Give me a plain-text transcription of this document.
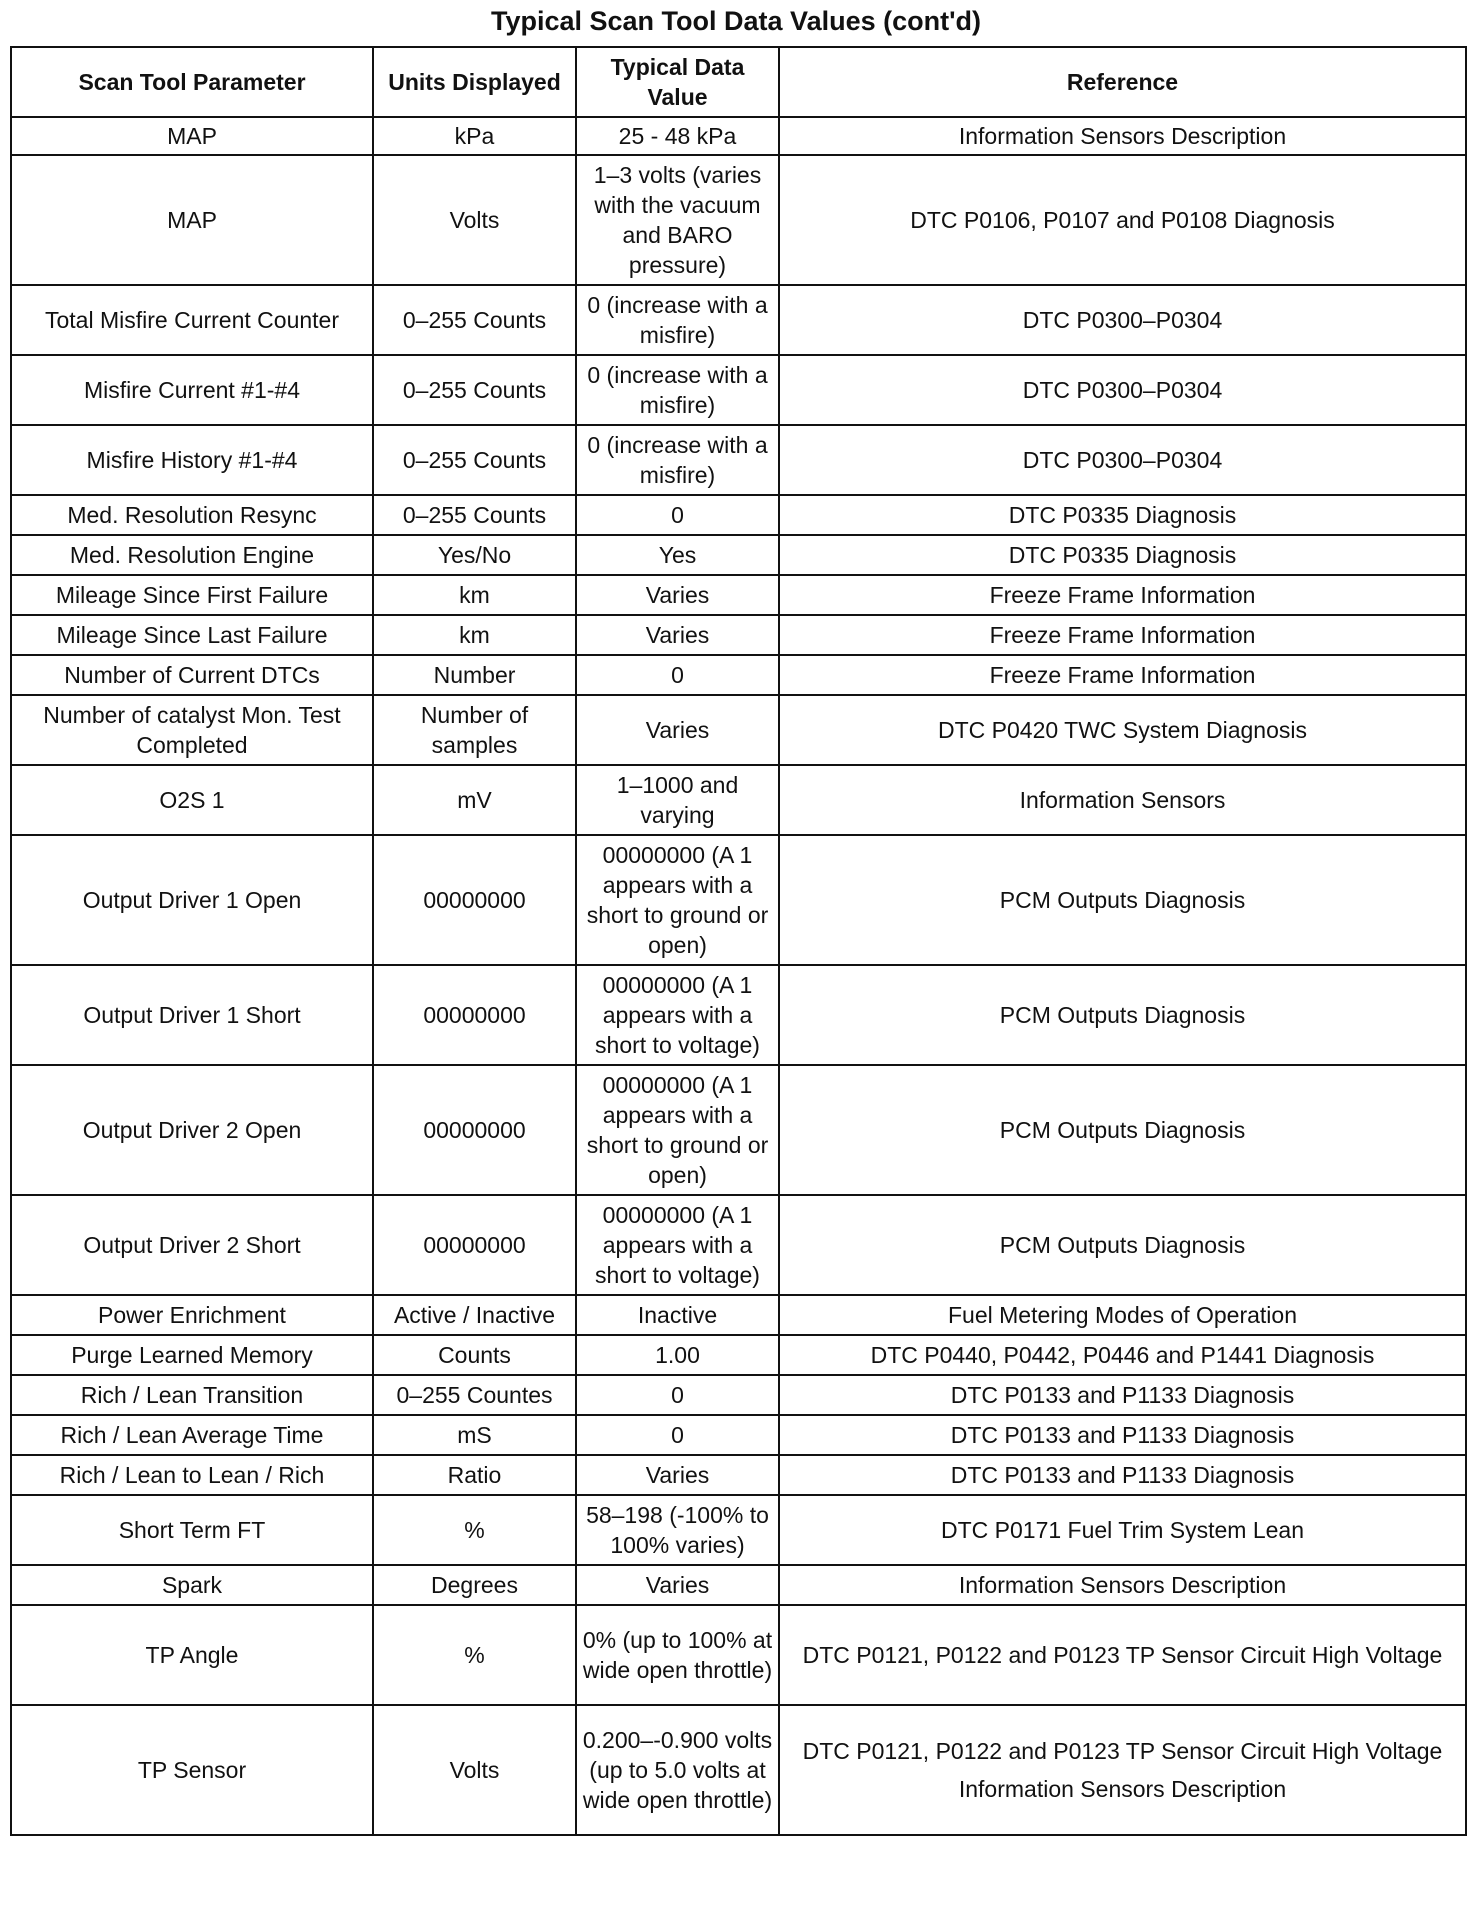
Typical Scan Tool Data Values (cont'd)
Scan Tool Parameter	Units Displayed	Typical Data Value	Reference
MAP	kPa	25 - 48 kPa	Information Sensors Description

MAP	Volts	1–3 volts (varies with the vacuum and BARO pressure)	DTC P0106, P0107 and P0108 Diagnosis

Total Misfire Current Counter	0–255 Counts	0 (increase with a misfire)	DTC P0300–P0304

Misfire Current #1-#4	0–255 Counts	0 (increase with a misfire)	DTC P0300–P0304

Misfire History #1-#4	0–255 Counts	0 (increase with a misfire)	DTC P0300–P0304

Med. Resolution Resync	0–255 Counts	0	DTC P0335 Diagnosis

Med. Resolution Engine	Yes/No	Yes	DTC P0335 Diagnosis

Mileage Since First Failure	km	Varies	Freeze Frame Information

Mileage Since Last Failure	km	Varies	Freeze Frame Information

Number of Current DTCs	Number	0	Freeze Frame Information

Number of catalyst Mon. Test Completed	Number of samples	Varies	DTC P0420 TWC System Diagnosis

O2S 1	mV	1–1000 and varying	Information Sensors

Output Driver 1 Open	00000000	00000000 (A 1 appears with a short to ground or open)	PCM Outputs Diagnosis

Output Driver 1 Short	00000000	00000000 (A 1 appears with a short to voltage)	PCM Outputs Diagnosis

Output Driver 2 Open	00000000	00000000 (A 1 appears with a short to ground or open)	PCM Outputs Diagnosis

Output Driver 2 Short	00000000	00000000 (A 1 appears with a short to voltage)	PCM Outputs Diagnosis

Power Enrichment	Active / Inactive	Inactive	Fuel Metering Modes of Operation

Purge Learned Memory	Counts	1.00	DTC P0440, P0442, P0446 and P1441 Diagnosis

Rich / Lean Transition	0–255 Countes	0	DTC P0133 and P1133 Diagnosis

Rich / Lean Average Time	mS	0	DTC P0133 and P1133 Diagnosis

Rich / Lean to Lean / Rich	Ratio	Varies	DTC P0133 and P1133 Diagnosis

Short Term FT	%	58–198 (-100% to 100% varies)	DTC P0171 Fuel Trim System Lean

Spark	Degrees	Varies	Information Sensors Description

TP Angle	%	0% (up to 100% at wide open throttle)	DTC P0121, P0122 and P0123 TP Sensor Circuit High Voltage

TP Sensor	Volts	0.200–-0.900 volts (up to 5.0 volts at wide open throttle)	DTC P0121, P0122 and P0123 TP Sensor Circuit High Voltage
Information Sensors Description
